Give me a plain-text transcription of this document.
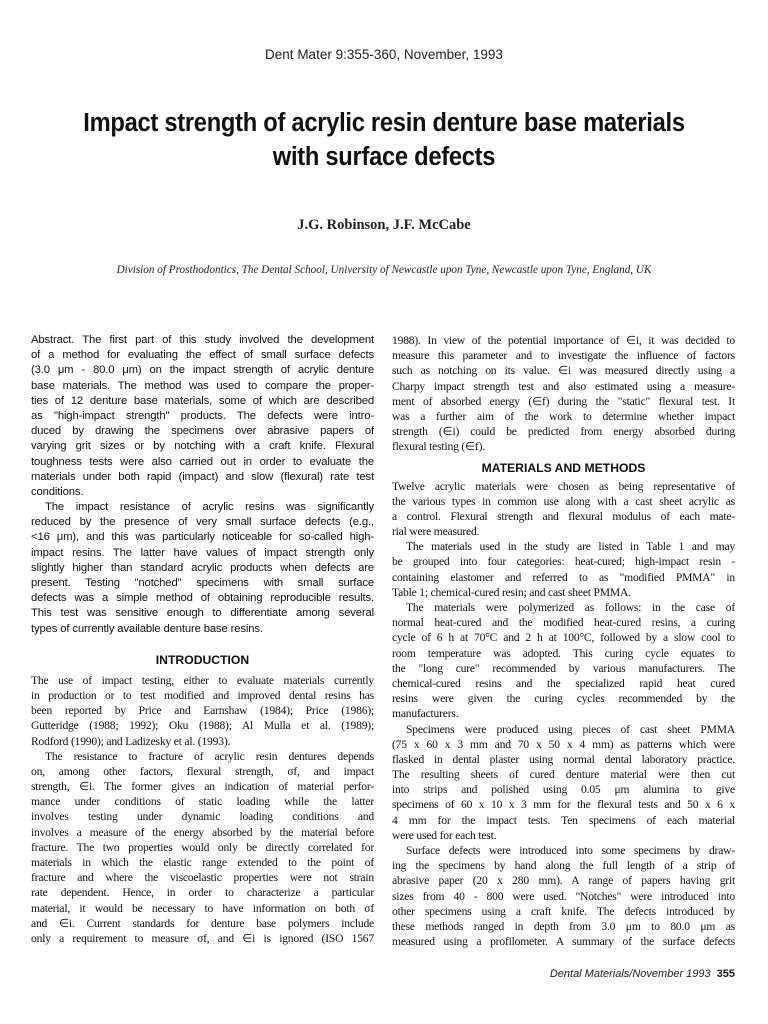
Dent Mater 9:355-360, November, 1993
Impact strength of acrylic resin denture base materials
with surface defects
J.G. Robinson, J.F. McCabe
Division of Prosthodontics, The Dental School, University of Newcastle upon Tyne, Newcastle upon Tyne, England, UK
Abstract. The first part of this study involved the development
of a method for evaluating the effect of small surface defects
(3.0 μm - 80.0 μm) on the impact strength of acrylic denture
base materials. The method was used to compare the proper-
ties of 12 denture base materials, some of which are described
as "high-impact strength" products. The defects were intro-
duced by drawing the specimens over abrasive papers of
varying grit sizes or by notching with a craft knife. Flexural
toughness tests were also carried out in order to evaluate the
materials under both rapid (impact) and slow (flexural) rate test
conditions.
The impact resistance of acrylic resins was significantly
reduced by the presence of very small surface defects (e.g.,
<16 μm), and this was particularly noticeable for so-called high-
impact resins. The latter have values of impact strength only
slightly higher than standard acrylic products when defects are
present. Testing "notched" specimens with small surface
defects was a simple method of obtaining reproducible results.
This test was sensitive enough to differentiate among several
types of currently available denture base resins.
INTRODUCTION
The use of impact testing, either to evaluate materials currently
in production or to test modified and improved dental resins has
been reported by Price and Earnshaw (1984); Price (1986);
Gutteridge (1988; 1992); Oku (1988); Al Mulla et al. (1989);
Rodford (1990); and Ladizesky et al. (1993).
The resistance to fracture of acrylic resin dentures depends
on, among other factors, flexural strength, σf, and impact
strength, ∈i. The former gives an indication of material perfor-
mance under conditions of static loading while the latter
involves testing under dynamic loading conditions and
involves a measure of the energy absorbed by the material before
fracture. The two properties would only be directly correlated for
materials in which the elastic range extended to the point of
fracture and where the viscoelastic properties were not strain
rate dependent. Hence, in order to characterize a particular
material, it would be necessary to have information on both σf
and ∈i. Current standards for denture base polymers include
only a requirement to measure σf, and ∈i is ignored (ISO 1567
1988). In view of the potential importance of ∈i, it was decided to
measure this parameter and to investigate the influence of factors
such as notching on its value. ∈i was measured directly using a
Charpy impact strength test and also estimated using a measure-
ment of absorbed energy (∈f) during the "static" flexural test. It
was a further aim of the work to determine whether impact
strength (∈i) could be predicted from energy absorbed during
flexural testing (∈f).
MATERIALS AND METHODS
Twelve acrylic materials were chosen as being representative of
the various types in common use along with a cast sheet acrylic as
a control. Flexural strength and flexural modulus of each mate-
rial were measured.
The materials used in the study are listed in Table 1 and may
be grouped into four categories: heat-cured; high-impact resin -
containing elastomer and referred to as "modified PMMA" in
Table 1; chemical-cured resin; and cast sheet PMMA.
The materials were polymerized as follows: in the case of
normal heat-cured and the modified heat-cured resins, a curing
cycle of 6 h at 70°C and 2 h at 100°C, followed by a slow cool to
room temperature was adopted. This curing cycle equates to
the "long cure" recommended by various manufacturers. The
chemical-cured resins and the specialized rapid heat cured
resins were given the curing cycles recommended by the
manufacturers.
Specimens were produced using pieces of cast sheet PMMA
(75 x 60 x 3 mm and 70 x 50 x 4 mm) as patterns which were
flasked in dental plaster using normal dental laboratory practice.
The resulting sheets of cured denture material were then cut
into strips and polished using 0.05 μm alumina to give
specimens of 60 x 10 x 3 mm for the flexural tests and 50 x 6 x
4 mm for the impact tests. Ten specimens of each material
were used for each test.
Surface defects were introduced into some specimens by draw-
ing the specimens by hand along the full length of a strip of
abrasive paper (20 x 280 mm). A range of papers having grit
sizes from 40 - 800 were used. "Notches" were introduced into
other specimens using a craft knife. The defects introduced by
these methods ranged in depth from 3.0 μm to 80.0 μm as
measured using a profilometer. A summary of the surface defects
Dental Materials/November 1993 355
